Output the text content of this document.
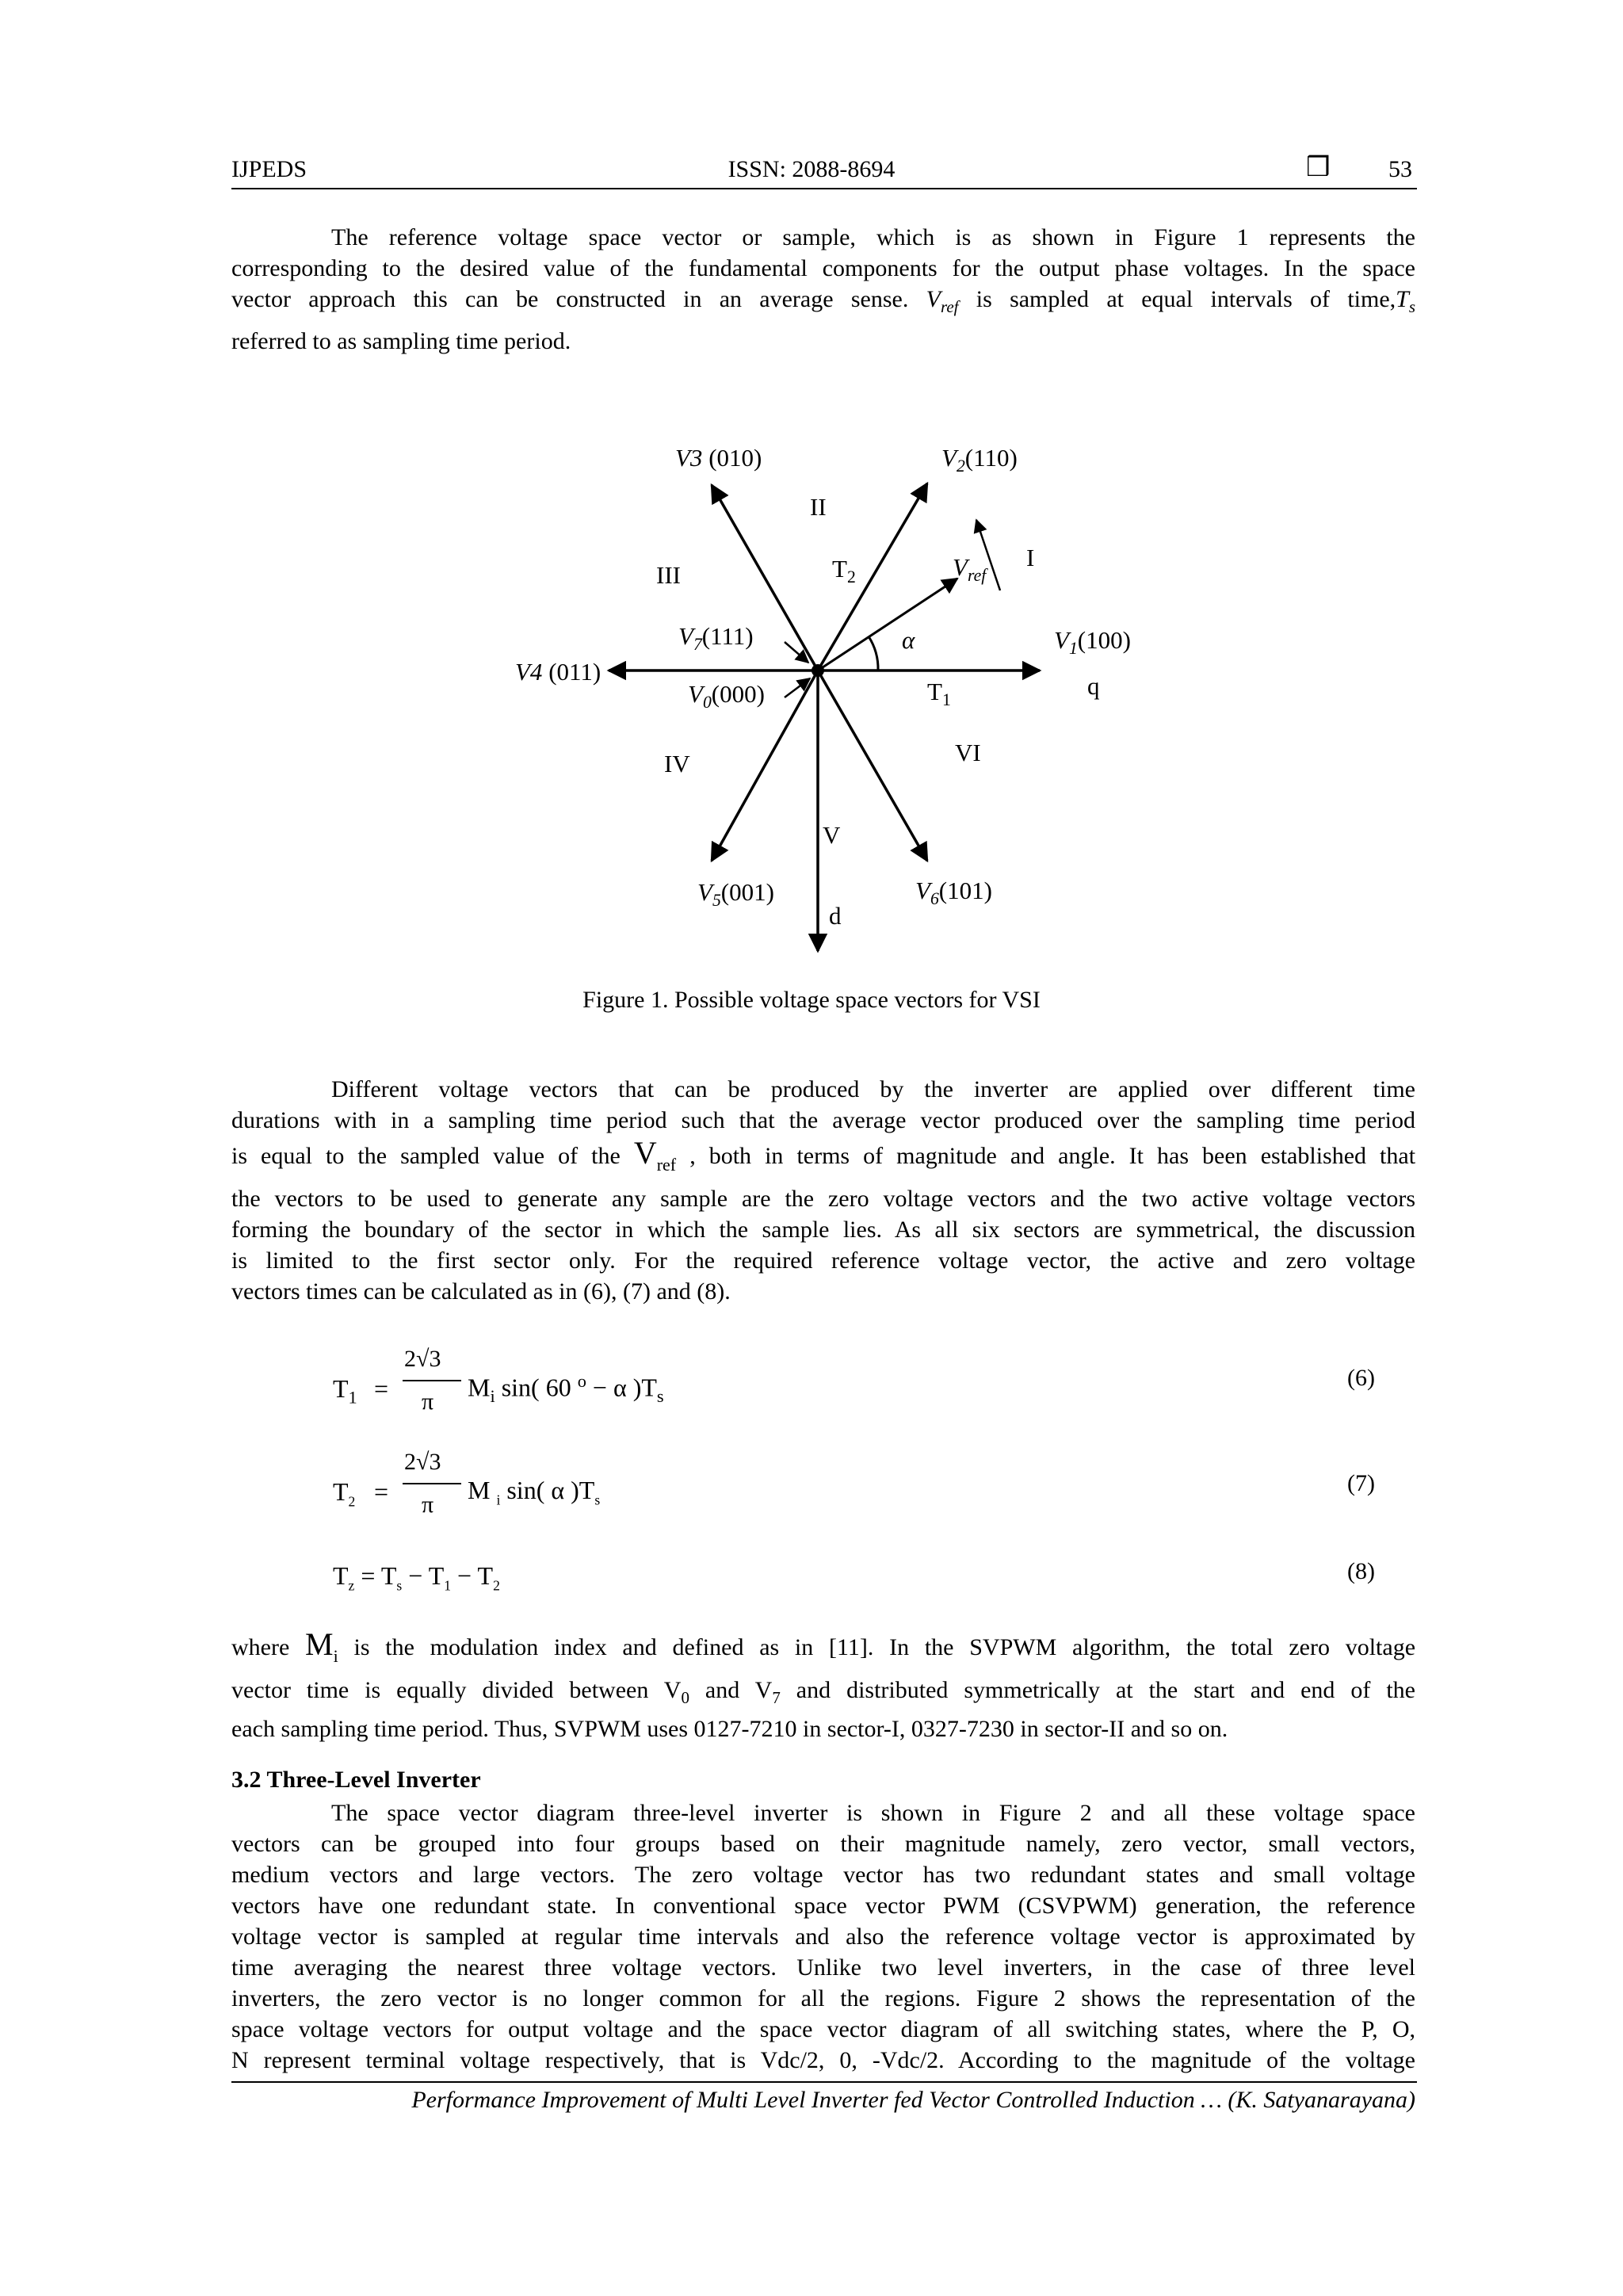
IJPEDS	ISSN: 2088-8694	❒ 53
The reference voltage space vector or sample, which is as shown in Figure 1 represents the
corresponding to the desired value of the fundamental components for the output phase voltages. In the space
vector approach this can be constructed in an average sense. $V_{ref}$ is sampled at equal intervals of $time,T_s$
referred to as sampling time period.
V3 (010)	$V_2(110)$
II
I
III	$T_2$	$V_{ref}$
$V_7(111)$	α	$V_1(100)$
V4 (011)
$V_0(000)$	$T_1$
q
IV	VI
V
$V_5(001)$	$V_6(101)$
d
Figure 1. Possible voltage space vectors for VSI
Different voltage vectors that can be produced by the inverter are applied over different time
durations with in a sampling time period such that the average vector produced over the sampling time period
is equal to the sampled value of the $V_{ref}$ , both in terms of magnitude and angle. It has been established that
the vectors to be used to generate any sample are the zero voltage vectors and the two active voltage vectors
forming the boundary of the sector in which the sample lies. As all six sectors are symmetrical, the discussion
is limited to the first sector only. For the required reference voltage vector, the active and zero voltage
vectors times can be calculated as in (6), (7) and (8).
$T_1$ =
2√3
π $M_i$ sin( 60 $^o$ − α )$T_s$
(6)
$T_2$ =
2√3
π
M $_i$ sin( α )$T_s$
(7)
$T_z = T_s - T_1 - T_2$
(8)
where $M_i$ is the modulation index and defined as in [11]. In the SVPWM algorithm, the total zero voltage
vector time is equally divided between $V_0$ and $V_7$ and distributed symmetrically at the start and end of the
each sampling time period. Thus, SVPWM uses 0127-7210 in sector-I, 0327-7230 in sector-II and so on.
3.2 Three-Level Inverter
The space vector diagram three-level inverter is shown in Figure 2 and all these voltage space
vectors can be grouped into four groups based on their magnitude namely, zero vector, small vectors,
medium vectors and large vectors. The zero voltage vector has two redundant states and small voltage
vectors have one redundant state. In conventional space vector PWM (CSVPWM) generation, the reference
voltage vector is sampled at regular time intervals and also the reference voltage vector is approximated by
time averaging the nearest three voltage vectors. Unlike two level inverters, in the case of three level
inverters, the zero vector is no longer common for all the regions. Figure 2 shows the representation of the
space voltage vectors for output voltage and the space vector diagram of all switching states, where the P, O,
N represent terminal voltage respectively, that is Vdc/2, 0, -Vdc/2. According to the magnitude of the voltage
Performance Improvement of Multi Level Inverter fed Vector Controlled Induction … (K. Satyanarayana)
